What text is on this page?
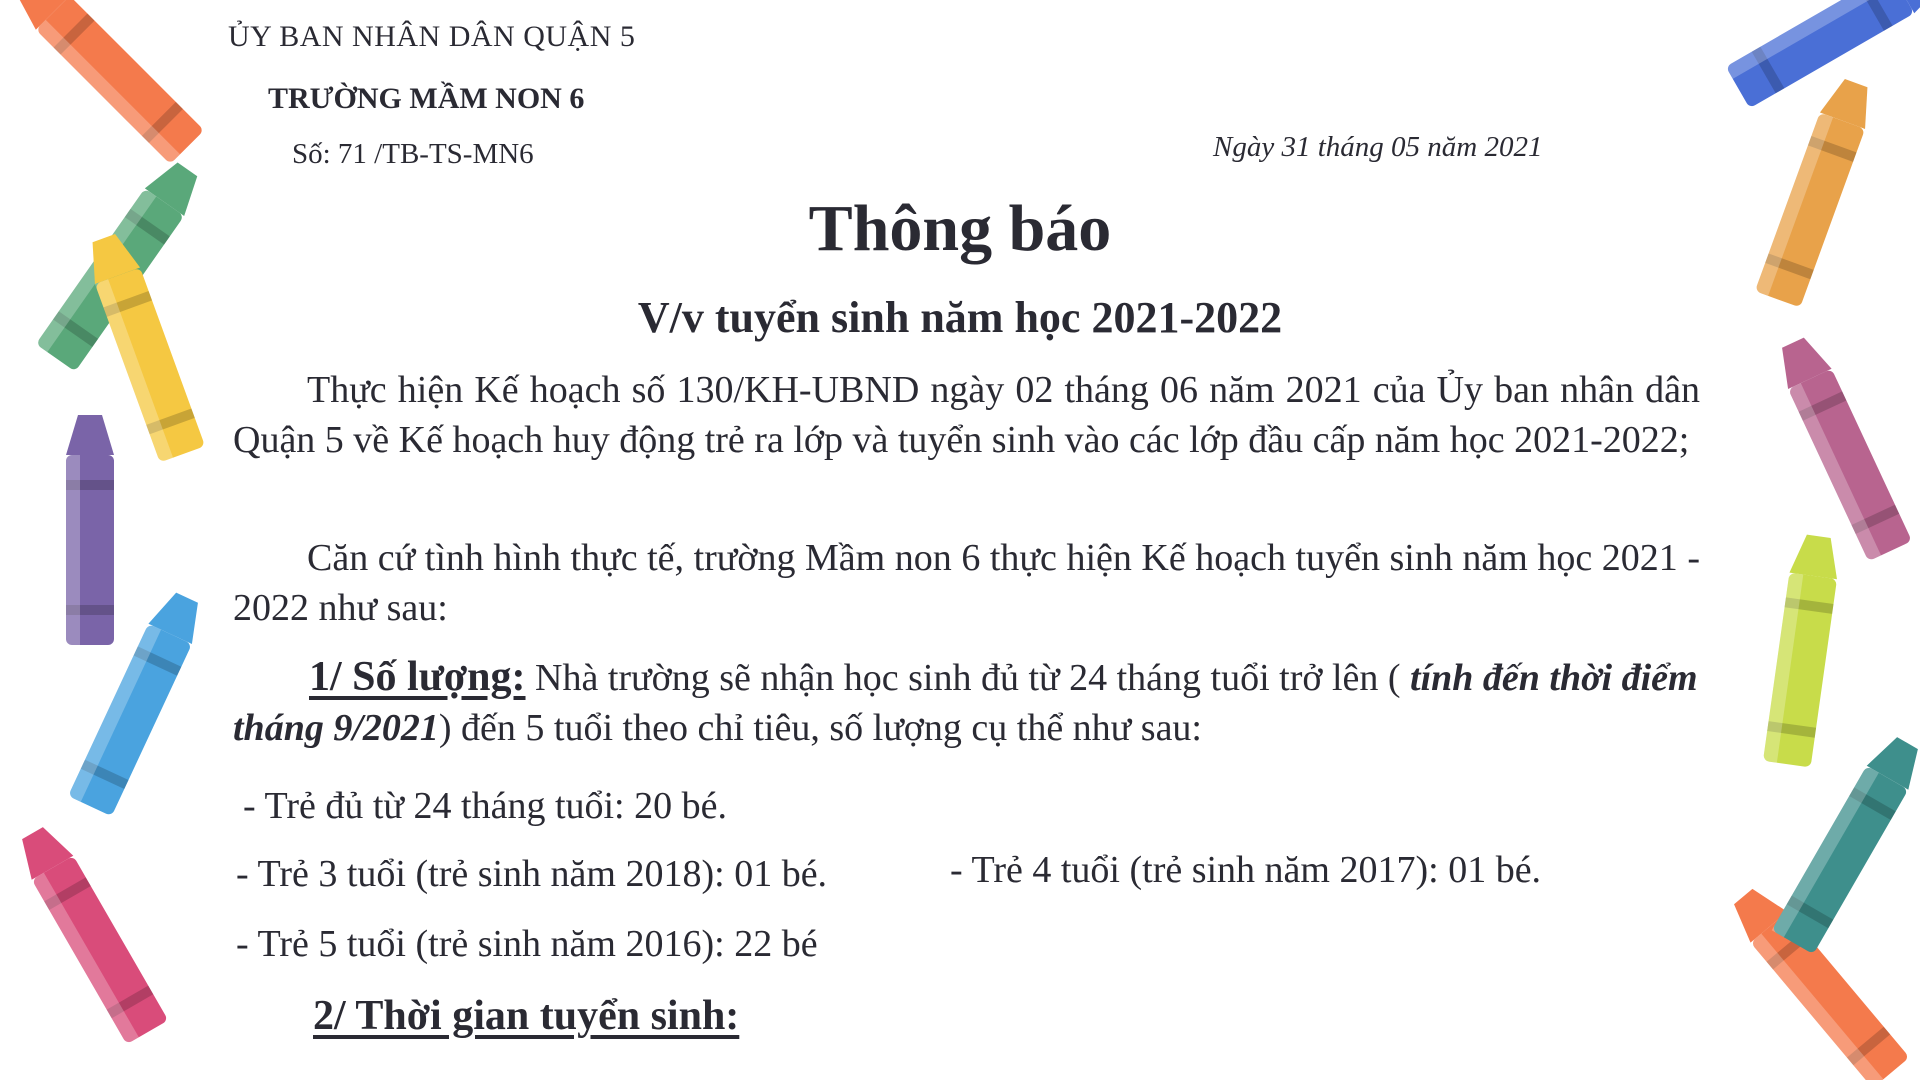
ỦY BAN NHÂN DÂN QUẬN 5
TRƯỜNG MẦM NON 6
Số: 71 /TB-TS-MN6	Ngày 31 tháng 05 năm 2021
Thông báo
V/v tuyển sinh năm học 2021-2022
Thực hiện Kế hoạch số 130/KH-UBND ngày 02 tháng 06 năm 2021 của Ủy ban nhân dân Quận 5 về Kế hoạch huy động trẻ ra lớp và tuyển sinh vào các lớp đầu cấp năm học 2021-2022;
Căn cứ tình hình thực tế, trường Mầm non 6 thực hiện Kế hoạch tuyển sinh năm học 2021 - 2022 như sau:
1/ Số lượng: Nhà trường sẽ nhận học sinh đủ từ 24 tháng tuổi trở lên ( tính đến thời điểm tháng 9/2021) đến 5 tuổi theo chỉ tiêu, số lượng cụ thể như sau:
- Trẻ đủ từ 24 tháng tuổi: 20 bé.
- Trẻ 3 tuổi (trẻ sinh năm 2018): 01 bé.	- Trẻ 4 tuổi (trẻ sinh năm 2017): 01 bé.
- Trẻ 5 tuổi (trẻ sinh năm 2016): 22 bé
2/ Thời gian tuyển sinh:
